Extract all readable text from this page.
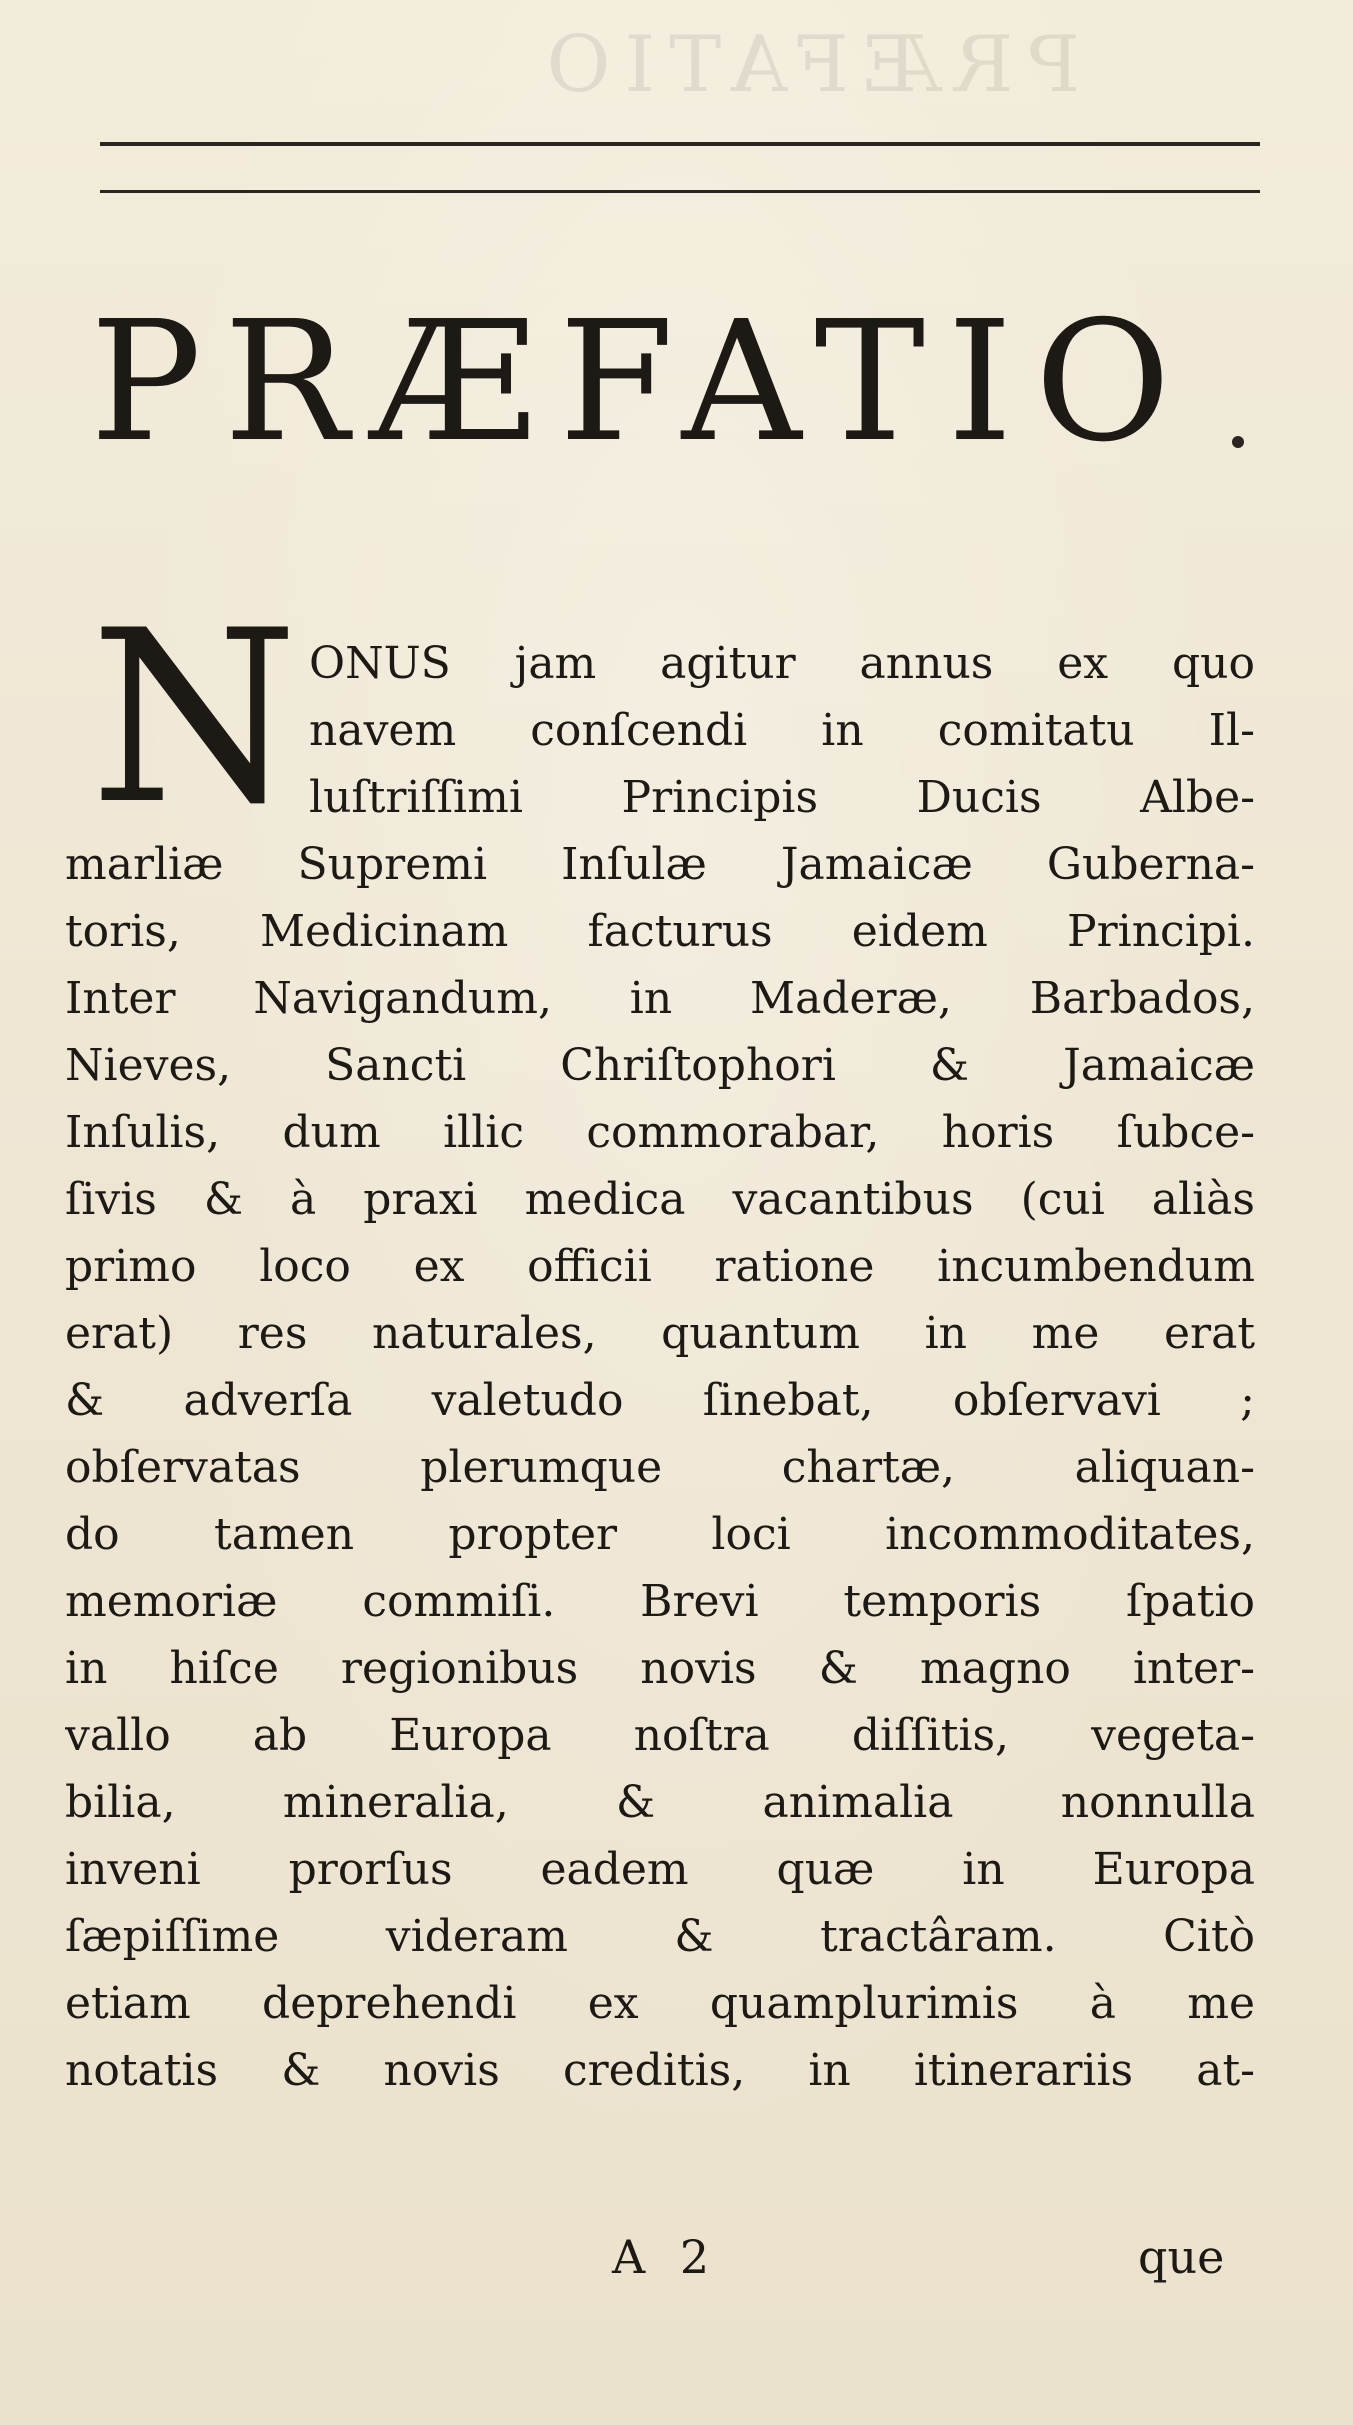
ΡRÆFATIO
PRÆFATIO
N ONUS jam agitur annus ex quo
navem conſcendi in comitatu Il-
luſtriſſimi Principis Ducis Albe-
marliæ Supremi Inſulæ Jamaicæ Guberna-
toris, Medicinam facturus eidem Principi.
Inter Navigandum, in Maderæ, Barbados,
Nieves, Sancti Chriſtophori & Jamaicæ
Inſulis, dum illic commorabar, horis ſubce-
ſivis & à praxi medica vacantibus (cui aliàs
primo loco ex officii ratione incumbendum
erat) res naturales, quantum in me erat
& adverſa valetudo ſinebat, obſervavi ;
obſervatas plerumque chartæ, aliquan-
do tamen propter loci incommoditates,
memoriæ commiſi. Brevi temporis ſpatio
in hiſce regionibus novis & magno inter-
vallo ab Europa noſtra diſſitis, vegeta-
bilia, mineralia, & animalia nonnulla
inveni prorſus eadem quæ in Europa
ſæpiſſime videram & tractâram. Citò
etiam deprehendi ex quamplurimis à me
notatis & novis creditis, in itinerariis at-
A 2	que
